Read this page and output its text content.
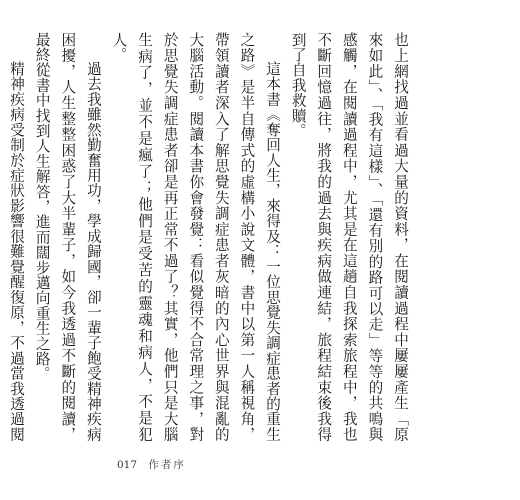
也上網找過並看過大量的資料，在閱讀過程中屢屢產生「原來如此」、「我有這樣」、「還有別的路可以走」等等的共鳴與感觸，在閱讀過程中，尤其是在這趟自我探索旅程中，我也不斷回憶過往，將我的過去與疾病做連結，旅程結束後我得到了自我救贖。

這本書《奪回人生，來得及：一位思覺失調症患者的重生之路》是半自傳式的虛構小說文體，書中以第一人稱視角，帶領讀者深入了解思覺失調症患者灰暗的內心世界與混亂的大腦活動。閱讀本書你會發覺：看似覺得不合常理之事，對於思覺失調症患者卻是再正常不過了？其實，他們只是大腦生病了，並不是瘋了；他們是受苦的靈魂和病人，不是犯人。

過去我雖然勤奮用功，學成歸國，卻一輩子飽受精神疾病困擾，人生整整困惑了大半輩子，如今我透過不斷的閱讀，最終從書中找到人生解答，進而闊步邁向重生之路。

精神疾病受制於症狀影響很難覺醒復原，不過當我透過閱

017 作者序
